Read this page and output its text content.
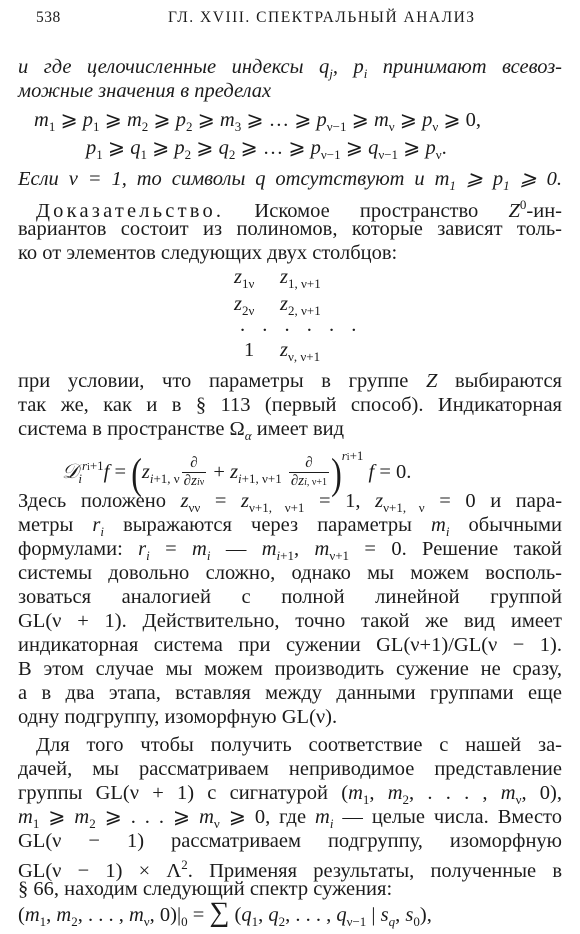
538	ГЛ. XVIII. СПЕКТРАЛЬНЫЙ АНАЛИЗ
и где целочисленные индексы $q_j$, $p_i$ принимают всевоз-
можные значения в пределах
$m_1$ ⩾ $p_1$ ⩾ $m_2$ ⩾ $p_2$ ⩾ $m_3$ ⩾ … ⩾ $p_{\nu-1}$ ⩾ $m_\nu$ ⩾ $p_\nu$ ⩾ 0,
$p_1$ ⩾ $q_1$ ⩾ $p_2$ ⩾ $q_2$ ⩾ … ⩾ $p_{\nu-1}$ ⩾ $q_{\nu-1}$ ⩾ $p_\nu$.
Если ν = 1, то символы q отсутствуют и $m_1$ ⩾ $p_1$ ⩾ 0.
Доказательство. Искомое пространство $Z^0-ин-$
вариантов состоит из полиномов, которые зависят толь-
ко от элементов следующих двух столбцов:
$z_{1\nu}$ $z_{1, \nu+1}$
$z_{2\nu}$ $z_{2, \nu+1}$
. . . . . .
1 $z_{\nu, \nu+1}$
при условии, что параметры в группе Z выбираются
так же, как и в § 113 (первый способ). Индикаторная
система в пространстве $\Omega_\alpha$ имеет вид
𝒟$_i^{ri+1}$f = $(z_{i+1, \nu} \frac{\partial}{\text{∂ziν}} + z_{i+1, \nu+1} \frac{\partial}{\partial zi, \nu+1} )^{ri+1}$ f = 0.
Здесь положено $z_{\nu\nu} = z_{\nu+1, \nu+1} = 1$, $z_{\nu+1, \nu} = 0$ и пара-
метры $r_i$ выражаются через параметры $m_i$ обычными
формулами: $r_i = m_i$ — $m_{i+1}$, $m_{\nu+1} = 0$. Решение такой
системы довольно сложно, однако мы можем восполь-
зоваться аналогией с полной линейной группой
GL(ν + 1). Действительно, точно такой же вид имеет
индикаторная система при сужении GL(ν+1)/GL(ν − 1).
В этом случае мы можем производить сужение не сразу,
а в два этапа, вставляя между данными группами еще
одну подгруппу, изоморфную GL(ν).
Для того чтобы получить соответствие с нашей за-
дачей, мы рассматриваем неприводимое представление
группы GL(ν + 1) с сигнатурой ($m_1$, $m_2$, . . . , $m_\nu$, 0),
$m_1$ ⩾ $m_2$ ⩾ . . . ⩾ $m_\nu$ ⩾ 0, где $m_i$ — целые числа. Вместо
GL(ν − 1) рассматриваем подгруппу, изоморфную
$GL(\nu - 1) \times \Lambda^2$. Применяя результаты, полученные в
§ 66, находим следующий спектр сужения:
($m_1$, $m_2$, . . . , $m_\nu$, $0)|_0$ = ∑ ($q_1$, $q_2$, . . . , $q_{\nu-1}$ | $s_q$, $s_0$),
